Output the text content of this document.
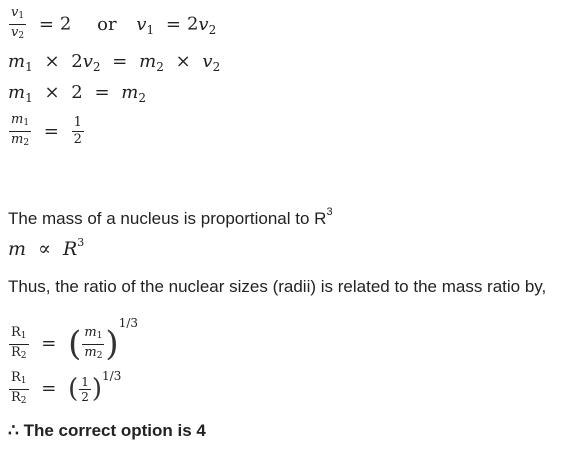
$\frac{v_1}{v_2} = 2$ or $v_1 = 2v_2$
$m_1 \times 2v_2 = m_2 \times v_2$
$m_1 \times 2 = m_2$
$\frac{m_1}{m_2} = \frac{1}{2}$
The mass of a nucleus is proportional to $R^3$
$m \propto R^3$
Thus, the ratio of the nuclear sizes (radii) is related to the mass ratio by,
$\frac{R_1}{R_2}$ = ( $\frac{m_1}{m_2} )^{1/3}$
$\frac{R_1}{R_2}$ = ( $\frac{1}{2} )^{1/3}$
∴ The correct option is 4
